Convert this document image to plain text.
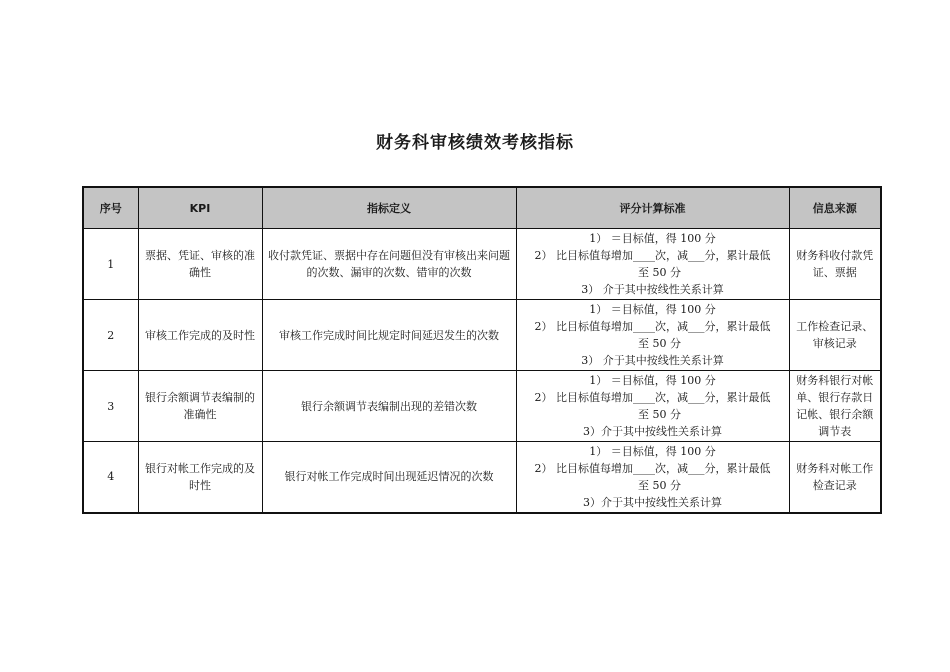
财务科审核绩效考核指标
序号	KPI	指标定义	评分计算标准	信息来源
1	票据、凭证、审核的准确性	收付款凭证、票据中存在问题但没有审核出来问题的次数、漏审的次数、错审的次数	1） ＝目标值，得 100 分
2） 比目标值每增加____次，减___分，累计最低
至 50 分
3） 介于其中按线性关系计算	财务科收付款凭证、票据
2	审核工作完成的及时性	审核工作完成时间比规定时间延迟发生的次数	1） ＝目标值，得 100 分
2） 比目标值每增加____次，减___分，累计最低
至 50 分
3） 介于其中按线性关系计算	工作检查记录、审核记录
3	银行余额调节表编制的准确性	银行余额调节表编制出现的差错次数	1） ＝目标值，得 100 分
2） 比目标值每增加____次，减___分，累计最低
至 50 分
3）介于其中按线性关系计算	财务科银行对帐单、银行存款日记帐、银行余额调节表
4	银行对帐工作完成的及时性	银行对帐工作完成时间出现延迟情况的次数	1） ＝目标值，得 100 分
2） 比目标值每增加____次，减___分，累计最低
至 50 分
3）介于其中按线性关系计算	财务科对帐工作检查记录
